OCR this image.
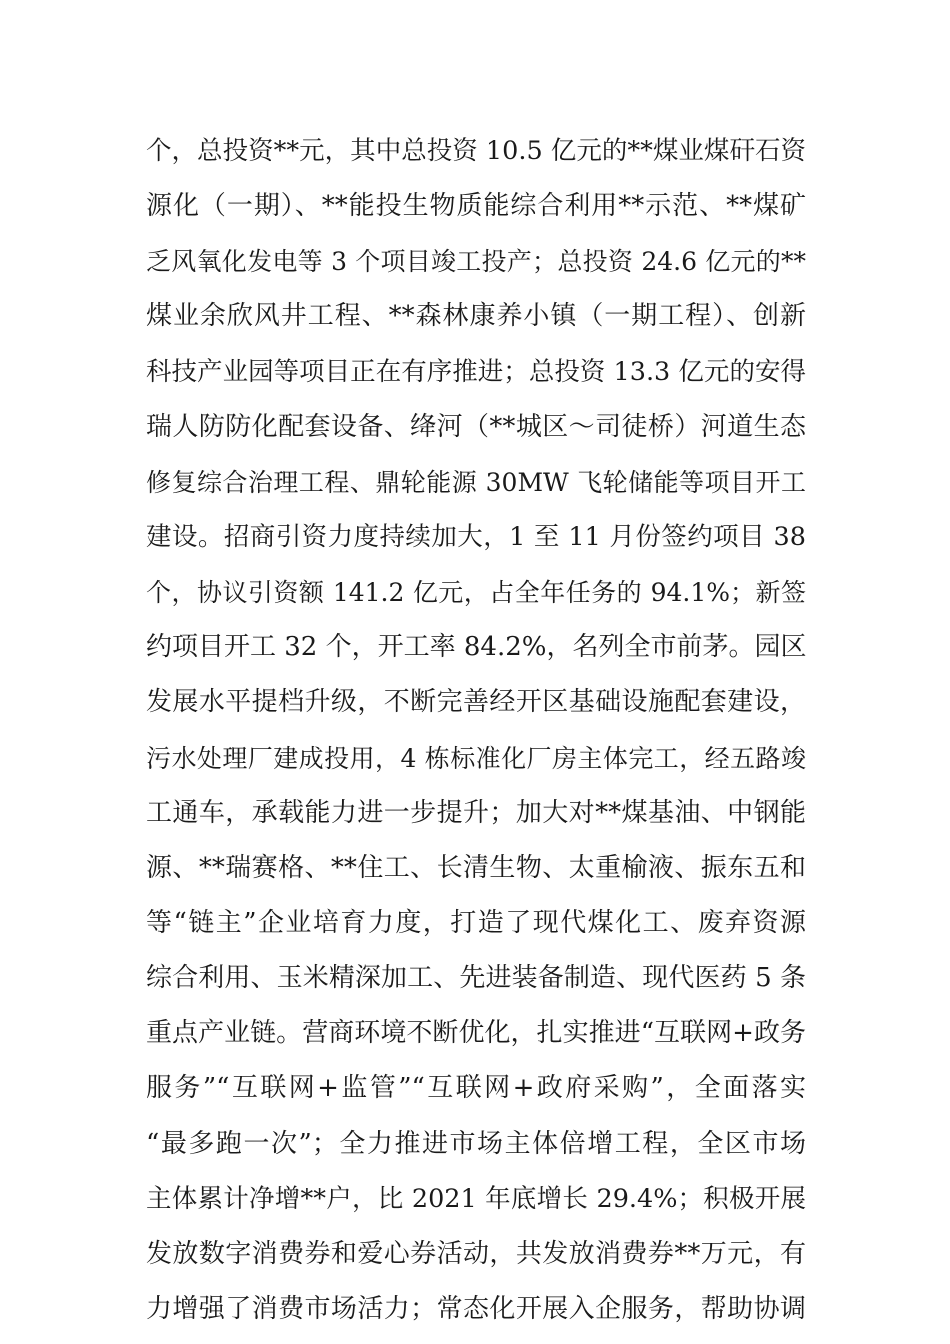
个，总投资**元，其中总投资 10.5 亿元的**煤业煤矸石资
源化（一期）、**能投生物质能综合利用**示范、**煤矿
乏风氧化发电等 3 个项目竣工投产；总投资 24.6 亿元的**
煤业余欣风井工程、**森林康养小镇（一期工程）、创新
科技产业园等项目正在有序推进；总投资 13.3 亿元的安得
瑞人防防化配套设备、绛河（**城区～司徒桥）河道生态
修复综合治理工程、鼎轮能源 30MW 飞轮储能等项目开工
建设。招商引资力度持续加大，1 至 11 月份签约项目 38
个，协议引资额 141.2 亿元，占全年任务的 94.1%；新签
约项目开工 32 个，开工率 84.2%，名列全市前茅。园区
发展水平提档升级，不断完善经开区基础设施配套建设，
污水处理厂建成投用，4 栋标准化厂房主体完工，经五路竣
工通车，承载能力进一步提升；加大对**煤基油、中钢能
源、**瑞赛格、**住工、长清生物、太重榆液、振东五和
等“链主”企业培育力度，打造了现代煤化工、废弃资源
综合利用、玉米精深加工、先进装备制造、现代医药 5 条
重点产业链。营商环境不断优化，扎实推进“互联网+政务
服务”“互联网+监管”“互联网+政府采购”，全面落实
“最多跑一次”；全力推进市场主体倍增工程，全区市场
主体累计净增**户，比 2021 年底增长 29.4%；积极开展
发放数字消费券和爱心券活动，共发放消费券**万元，有
力增强了消费市场活力；常态化开展入企服务，帮助协调
